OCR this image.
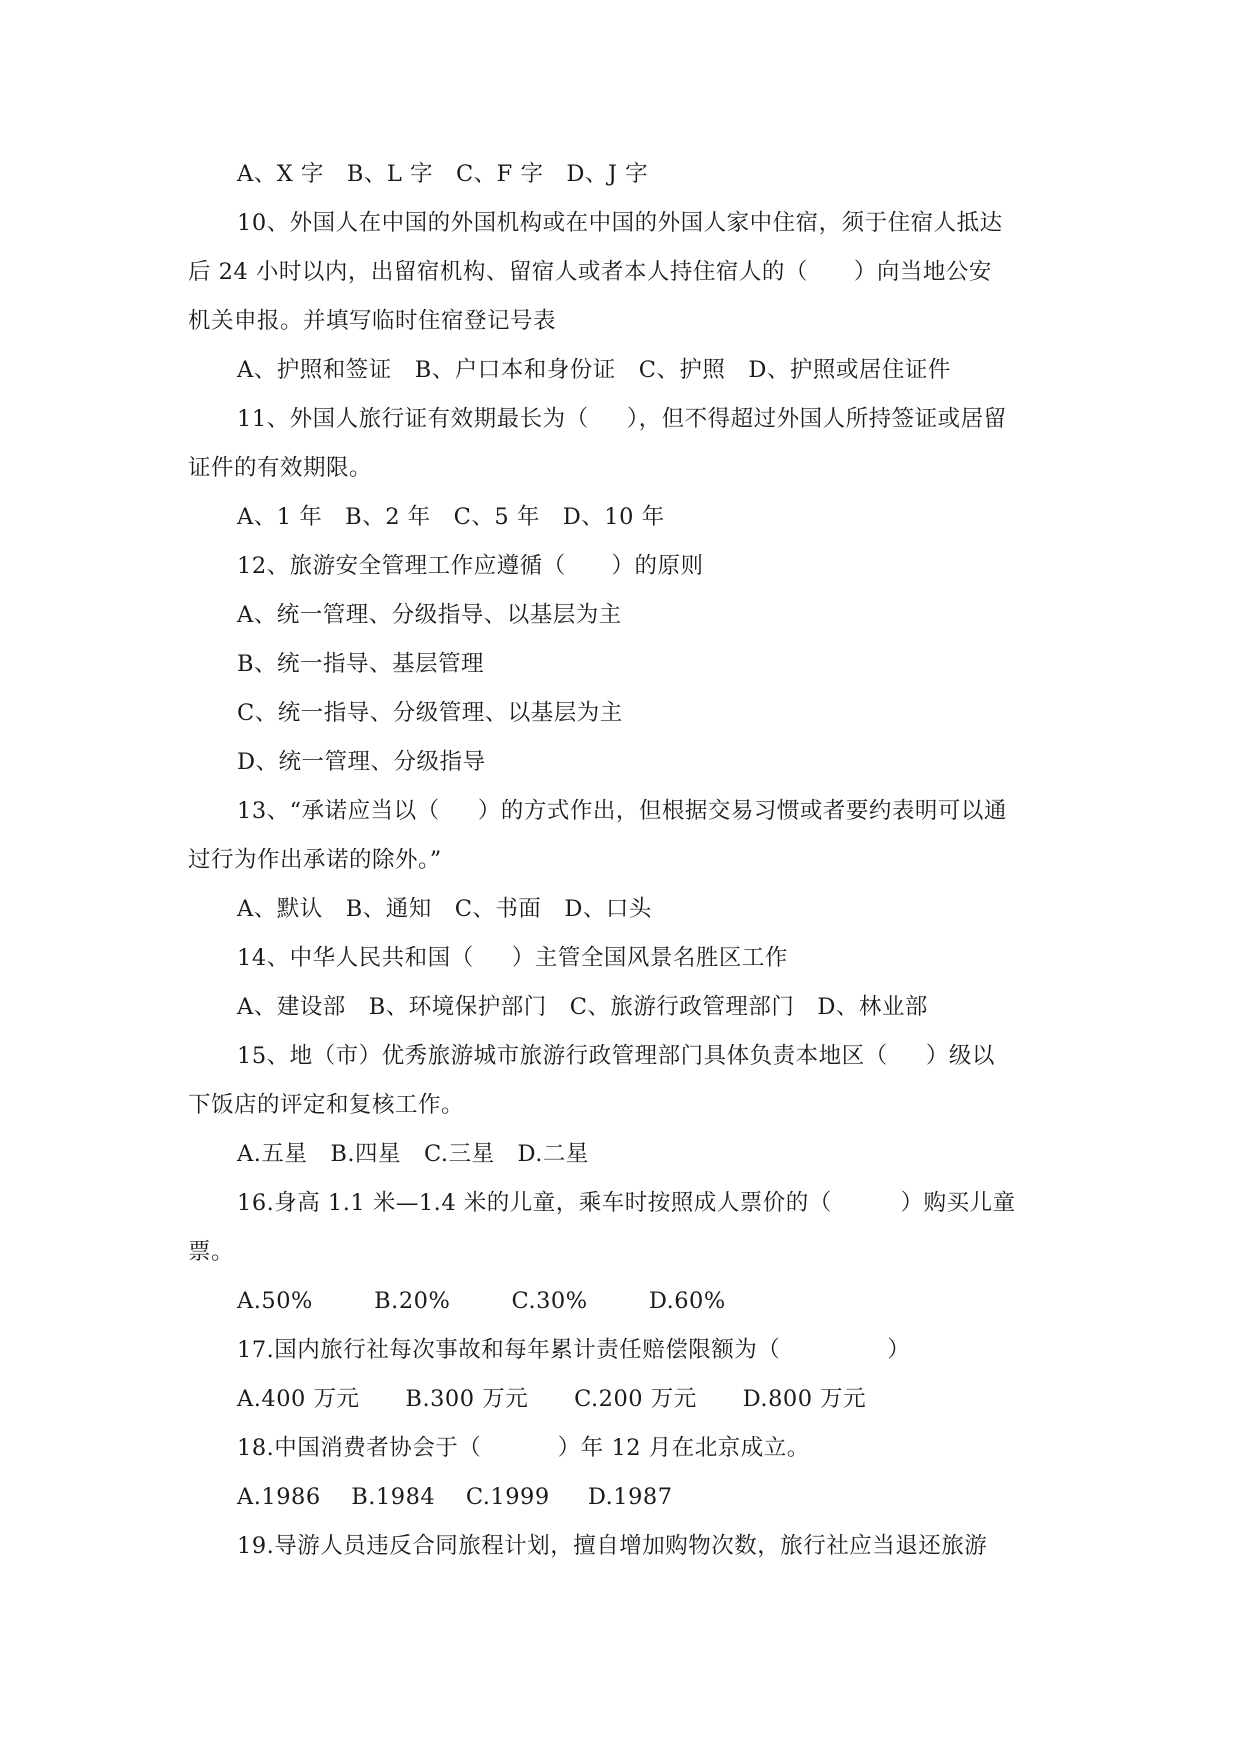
A、X 字   B、L 字   C、F 字   D、J 字
10、外国人在中国的外国机构或在中国的外国人家中住宿，须于住宿人抵达
后 24 小时以内，出留宿机构、留宿人或者本人持住宿人的（      ）向当地公安
机关申报。并填写临时住宿登记号表
A、护照和签证   B、户口本和身份证   C、护照   D、护照或居住证件
11、外国人旅行证有效期最长为（     ），但不得超过外国人所持签证或居留
证件的有效期限。
A、1 年   B、2 年   C、5 年   D、10 年
12、旅游安全管理工作应遵循（      ）的原则
A、统一管理、分级指导、以基层为主
B、统一指导、基层管理
C、统一指导、分级管理、以基层为主
D、统一管理、分级指导
13、“承诺应当以（     ）的方式作出，但根据交易习惯或者要约表明可以通
过行为作出承诺的除外。”
A、默认   B、通知   C、书面   D、口头
14、中华人民共和国（     ）主管全国风景名胜区工作
A、建设部   B、环境保护部门   C、旅游行政管理部门   D、林业部
15、地（市）优秀旅游城市旅游行政管理部门具体负责本地区（     ）级以
下饭店的评定和复核工作。
A.五星   B.四星   C.三星   D.二星
16.身高 1.1 米—1.4 米的儿童，乘车时按照成人票价的（         ）购买儿童
票。
A.50%        B.20%        C.30%        D.60%
17.国内旅行社每次事故和每年累计责任赔偿限额为（              ）
A.400 万元      B.300 万元      C.200 万元      D.800 万元
18.中国消费者协会于（          ）年 12 月在北京成立。
A.1986    B.1984    C.1999     D.1987
19.导游人员违反合同旅程计划，擅自增加购物次数，旅行社应当退还旅游
